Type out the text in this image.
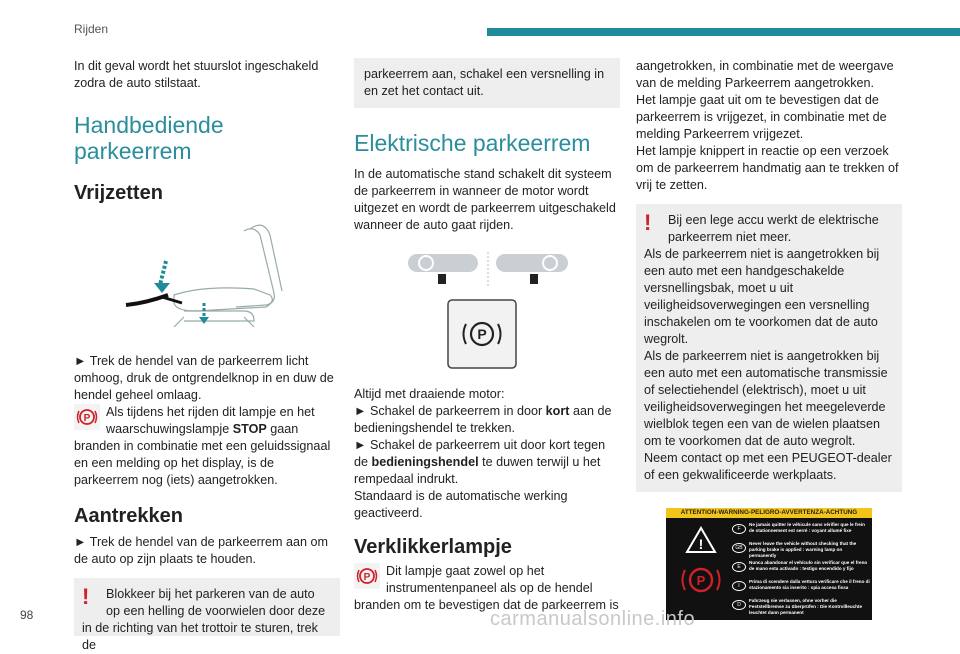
Rijden

In dit geval wordt het stuurslot ingeschakeld zodra de auto stilstaat.

Handbediende parkeerrem
Vrijzetten

► Trek de hendel van de parkeerrem licht omhoog, druk de ontgrendelknop in en duw de hendel geheel omlaag.

P	Als tijdens het rijden dit lampje en het waarschuwingslampje STOP gaan branden in combinatie met een geluidssignaal en een melding op het display, is de parkeerrem nog (iets) aangetrokken.

Aantrekken

► Trek de hendel van de parkeerrem aan om de auto op zijn plaats te houden.

!	Blokkeer bij het parkeren van de auto op een helling de voorwielen door deze in de richting van het trottoir te sturen, trek de
parkeerrem aan, schakel een versnelling in en zet het contact uit.
Elektrische parkeerrem

In de automatische stand schakelt dit systeem de parkeerrem in wanneer de motor wordt uitgezet en wordt de parkeerrem uitgeschakeld wanneer de auto gaat rijden.

P

Altijd met draaiende motor:

► Schakel de parkeerrem in door kort aan de bedieningshendel te trekken.

► Schakel de parkeerrem uit door kort tegen de bedieningshendel te duwen terwijl u het rempedaal indrukt.

Standaard is de automatische werking geactiveerd.

Verklikkerlampje
P	Dit lampje gaat zowel op het instrumentenpaneel als op de hendel branden om te bevestigen dat de parkeerrem is

aangetrokken, in combinatie met de weergave van de melding Parkeerrem aangetrokken.

Het lampje gaat uit om te bevestigen dat de parkeerrem is vrijgezet, in combinatie met de melding Parkeerrem vrijgezet.

Het lampje knippert in reactie op een verzoek om de parkeerrem handmatig aan te trekken of vrij te zetten.

!	Bij een lege accu werkt de elektrische parkeerrem niet meer.

Als de parkeerrem niet is aangetrokken bij een auto met een handgeschakelde versnellingsbak, moet u uit veiligheidsoverwegingen een versnelling inschakelen om te voorkomen dat de auto wegrolt.

Als de parkeerrem niet is aangetrokken bij een auto met een automatische transmissie of selectiehendel (elektrisch), moet u uit veiligheidsoverwegingen het meegeleverde wielblok tegen een van de wielen plaatsen om te voorkomen dat de auto wegrolt.

Neem contact op met een PEUGEOT-dealer of een gekwalificeerde werkplaats.

ATTENTION-WARNING-PELIGRO-AVVERTENZA-ACHTUNG
!
P
F
Ne jamais quitter le véhicule sans vérifier que le frein de stationnement est serré : voyant allumé fixe
GB
Never leave the vehicle without checking that the parking brake is applied : warning lamp on permanently
E
Nunca abandonar el vehículo sin verificar que el freno de mano esta activado : testigo encendido y fijo
I
Prima di scendere dalla vettura verificare che il freno di stazionamento sia inserito : spia accesa fissa
D
Fahrzeug nie verlassen, ohne vorher die Feststellbremse zu überprüfen : Die Kontrollleuchte leuchtet dann permanent
98	carmanualsonline.info
